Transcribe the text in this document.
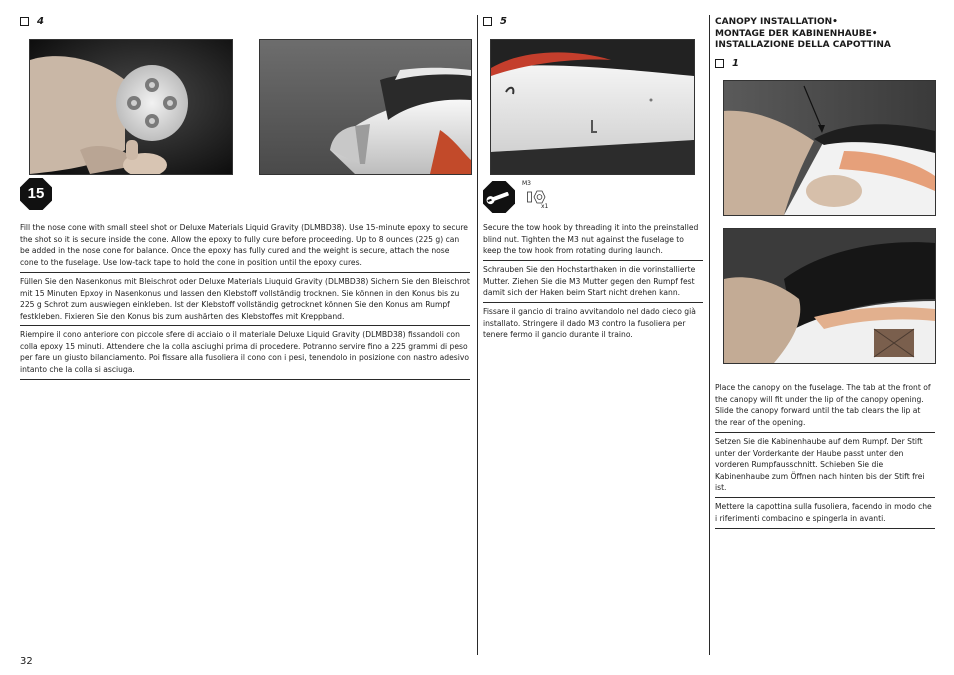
4
15

Fill the nose cone with small steel shot or Deluxe Materials Liquid Gravity (DLMBD38). Use 15-minute epoxy to secure the shot so it is secure inside the cone. Allow the epoxy to fully cure before proceeding. Up to 8 ounces (225 g) can be added in the nose cone for balance. Once the epoxy has fully cured and the weight is secure, attach the nose cone to the fuselage. Use low-tack tape to hold the cone in position until the epoxy cures.

Füllen Sie den Nasenkonus mit Bleischrot oder Deluxe Materials Liuquid Gravity (DLMBD38) Sichern Sie den Bleischrot mit 15 Minuten Epxoy in Nasenkonus und lassen den Klebstoff vollständig trocknen. Sie können in den Konus bis zu 225 g Schrot zum auswiegen einkleben. Ist der Klebstoff vollständig getrocknet können Sie den Konus am Rumpf festkleben. Fixieren Sie den Konus bis zum aushärten des Klebstoffes mit Kreppband.

Riempire il cono anteriore con piccole sfere di acciaio o il materiale Deluxe Liquid Gravity (DLMBD38) fissandoli con colla epoxy 15 minuti. Attendere che la colla asciughi prima di procedere. Potranno servire fino a 225 grammi di peso per fare un giusto bilanciamento. Poi fissare alla fusoliera il cono con i pesi, tenendolo in posizione con nastro adesivo intanto che la colla si asciuga.

5
M3
x1

Secure the tow hook by threading it into the preinstalled blind nut. Tighten the M3 nut against the fuselage to keep the tow hook from rotating during launch.

Schrauben Sie den Hochstarthaken in die vorinstallierte Mutter. Ziehen Sie die M3 Mutter gegen den Rumpf fest damit sich der Haken beim Start nicht drehen kann.

Fissare il gancio di traino avvitandolo nel dado cieco già installato. Stringere il dado M3 contro la fusoliera per tenere fermo il gancio durante il traino.

CANOPY INSTALLATION•
MONTAGE DER KABINENHAUBE•
INSTALLAZIONE DELLA CAPOTTINA
1

Place the canopy on the fuselage. The tab at the front of the canopy will fit under the lip of the canopy opening. Slide the canopy forward until the tab clears the lip at the rear of the opening.

Setzen Sie die Kabinenhaube auf dem Rumpf. Der Stift unter der Vorderkante der Haube passt unter den vorderen Rumpfausschnitt. Schieben Sie die Kabinenhaube zum Öffnen nach hinten bis der Stift frei ist.

Mettere la capottina sulla fusoliera, facendo in modo che i riferimenti combacino e spingerla in avanti.

32
